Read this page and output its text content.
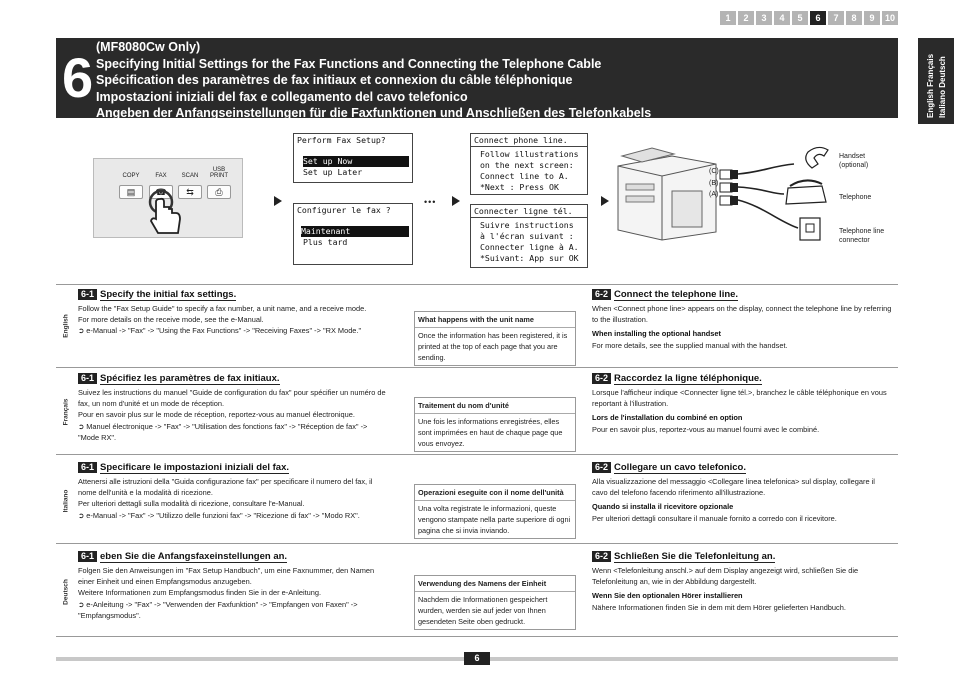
1	2	3	4	5	6	7	8	9	10
English Français Italiano Deutsch
6 (MF8080Cw Only)
Specifying Initial Settings for the Fax Functions and Connecting the Telephone Cable
Spécification des paramètres de fax initiaux et connexion du câble téléphonique
Impostazioni iniziali del fax e collegamento del cavo telefonico
Angeben der Anfangseinstellungen für die Faxfunktionen und Anschließen des Telefonkabels
COPY	FAX	SCAN
USB PRINT
▤	☎	⇆	⎙
Perform Fax Setup?
Set up Now
Set up Later
Configurer le fax ?
Maintenant
Plus tard
•••
Connect phone line.
Follow illustrations
on the next screen:
Connect line to A.
*Next : Press OK
Connecter ligne tél.
Suivre instructions
à l'écran suivant :
Connecter ligne à A.
*Suivant: App sur OK
(C)
(B)
(A)
Handset (optional)
Telephone
Telephone line connector
English
6-1 Specify the initial fax settings.
Follow the "Fax Setup Guide" to specify a fax number, a unit name, and a receive mode.
For more details on the receive mode, see the e-Manual.
➲ e-Manual -> "Fax" -> "Using the Fax Functions" -> "Receiving Faxes" -> "RX Mode."
What happens with the unit name
Once the information has been registered, it is printed at the top of each page that you are sending.
6-2 Connect the telephone line.
When <Connect phone line> appears on the display, connect the telephone line by referring to the illustration.
When installing the optional handset
For more details, see the supplied manual with the handset.
Français
6-1 Spécifiez les paramètres de fax initiaux.
Suivez les instructions du manuel "Guide de configuration du fax" pour spécifier un numéro de fax, un nom d'unité et un mode de réception.
Pour en savoir plus sur le mode de réception, reportez-vous au manuel électronique.
➲ Manuel électronique -> "Fax" -> "Utilisation des fonctions fax" -> "Réception de fax" -> "Mode RX".
Traitement du nom d'unité
Une fois les informations enregistrées, elles sont imprimées en haut de chaque page que vous envoyez.
6-2 Raccordez la ligne téléphonique.
Lorsque l'afficheur indique <Connecter ligne tél.>, branchez le câble téléphonique en vous reportant à l'illustration.
Lors de l'installation du combiné en option
Pour en savoir plus, reportez-vous au manuel fourni avec le combiné.
Italiano
6-1 Specificare le impostazioni iniziali del fax.
Attenersi alle istruzioni della "Guida configurazione fax" per specificare il numero del fax, il nome dell'unità e la modalità di ricezione.
Per ulteriori dettagli sulla modalità di ricezione, consultare l'e-Manual.
➲ e-Manual -> "Fax" -> "Utilizzo delle funzioni fax" -> "Ricezione di fax" -> "Modo RX".
Operazioni eseguite con il nome dell'unità
Una volta registrate le informazioni, queste vengono stampate nella parte superiore di ogni pagina che si invia inviando.
6-2 Collegare un cavo telefonico.
Alla visualizzazione del messaggio <Collegare linea telefonica> sul display, collegare il cavo del telefono facendo riferimento all'illustrazione.
Quando si installa il ricevitore opzionale
Per ulteriori dettagli consultare il manuale fornito a corredo con il ricevitore.
Deutsch
6-1 eben Sie die Anfangsfaxeinstellungen an.
Folgen Sie den Anweisungen im "Fax Setup Handbuch", um eine Faxnummer, den Namen einer Einheit und einen Empfangsmodus anzugeben.
Weitere Informationen zum Empfangsmodus finden Sie in der e-Anleitung.
➲ e-Anleitung -> "Fax" -> "Verwenden der Faxfunktion" -> "Empfangen von Faxen" -> "Empfangsmodus".
Verwendung des Namens der Einheit
Nachdem die Informationen gespeichert wurden, werden sie auf jeder von Ihnen gesendeten Seite oben gedruckt.
6-2 Schließen Sie die Telefonleitung an.
Wenn <Telefonleitung anschl.> auf dem Display angezeigt wird, schließen Sie die Telefonleitung an, wie in der Abbildung dargestellt.
Wenn Sie den optionalen Hörer installieren
Nähere Informationen finden Sie in dem mit dem Hörer gelieferten Handbuch.
6
